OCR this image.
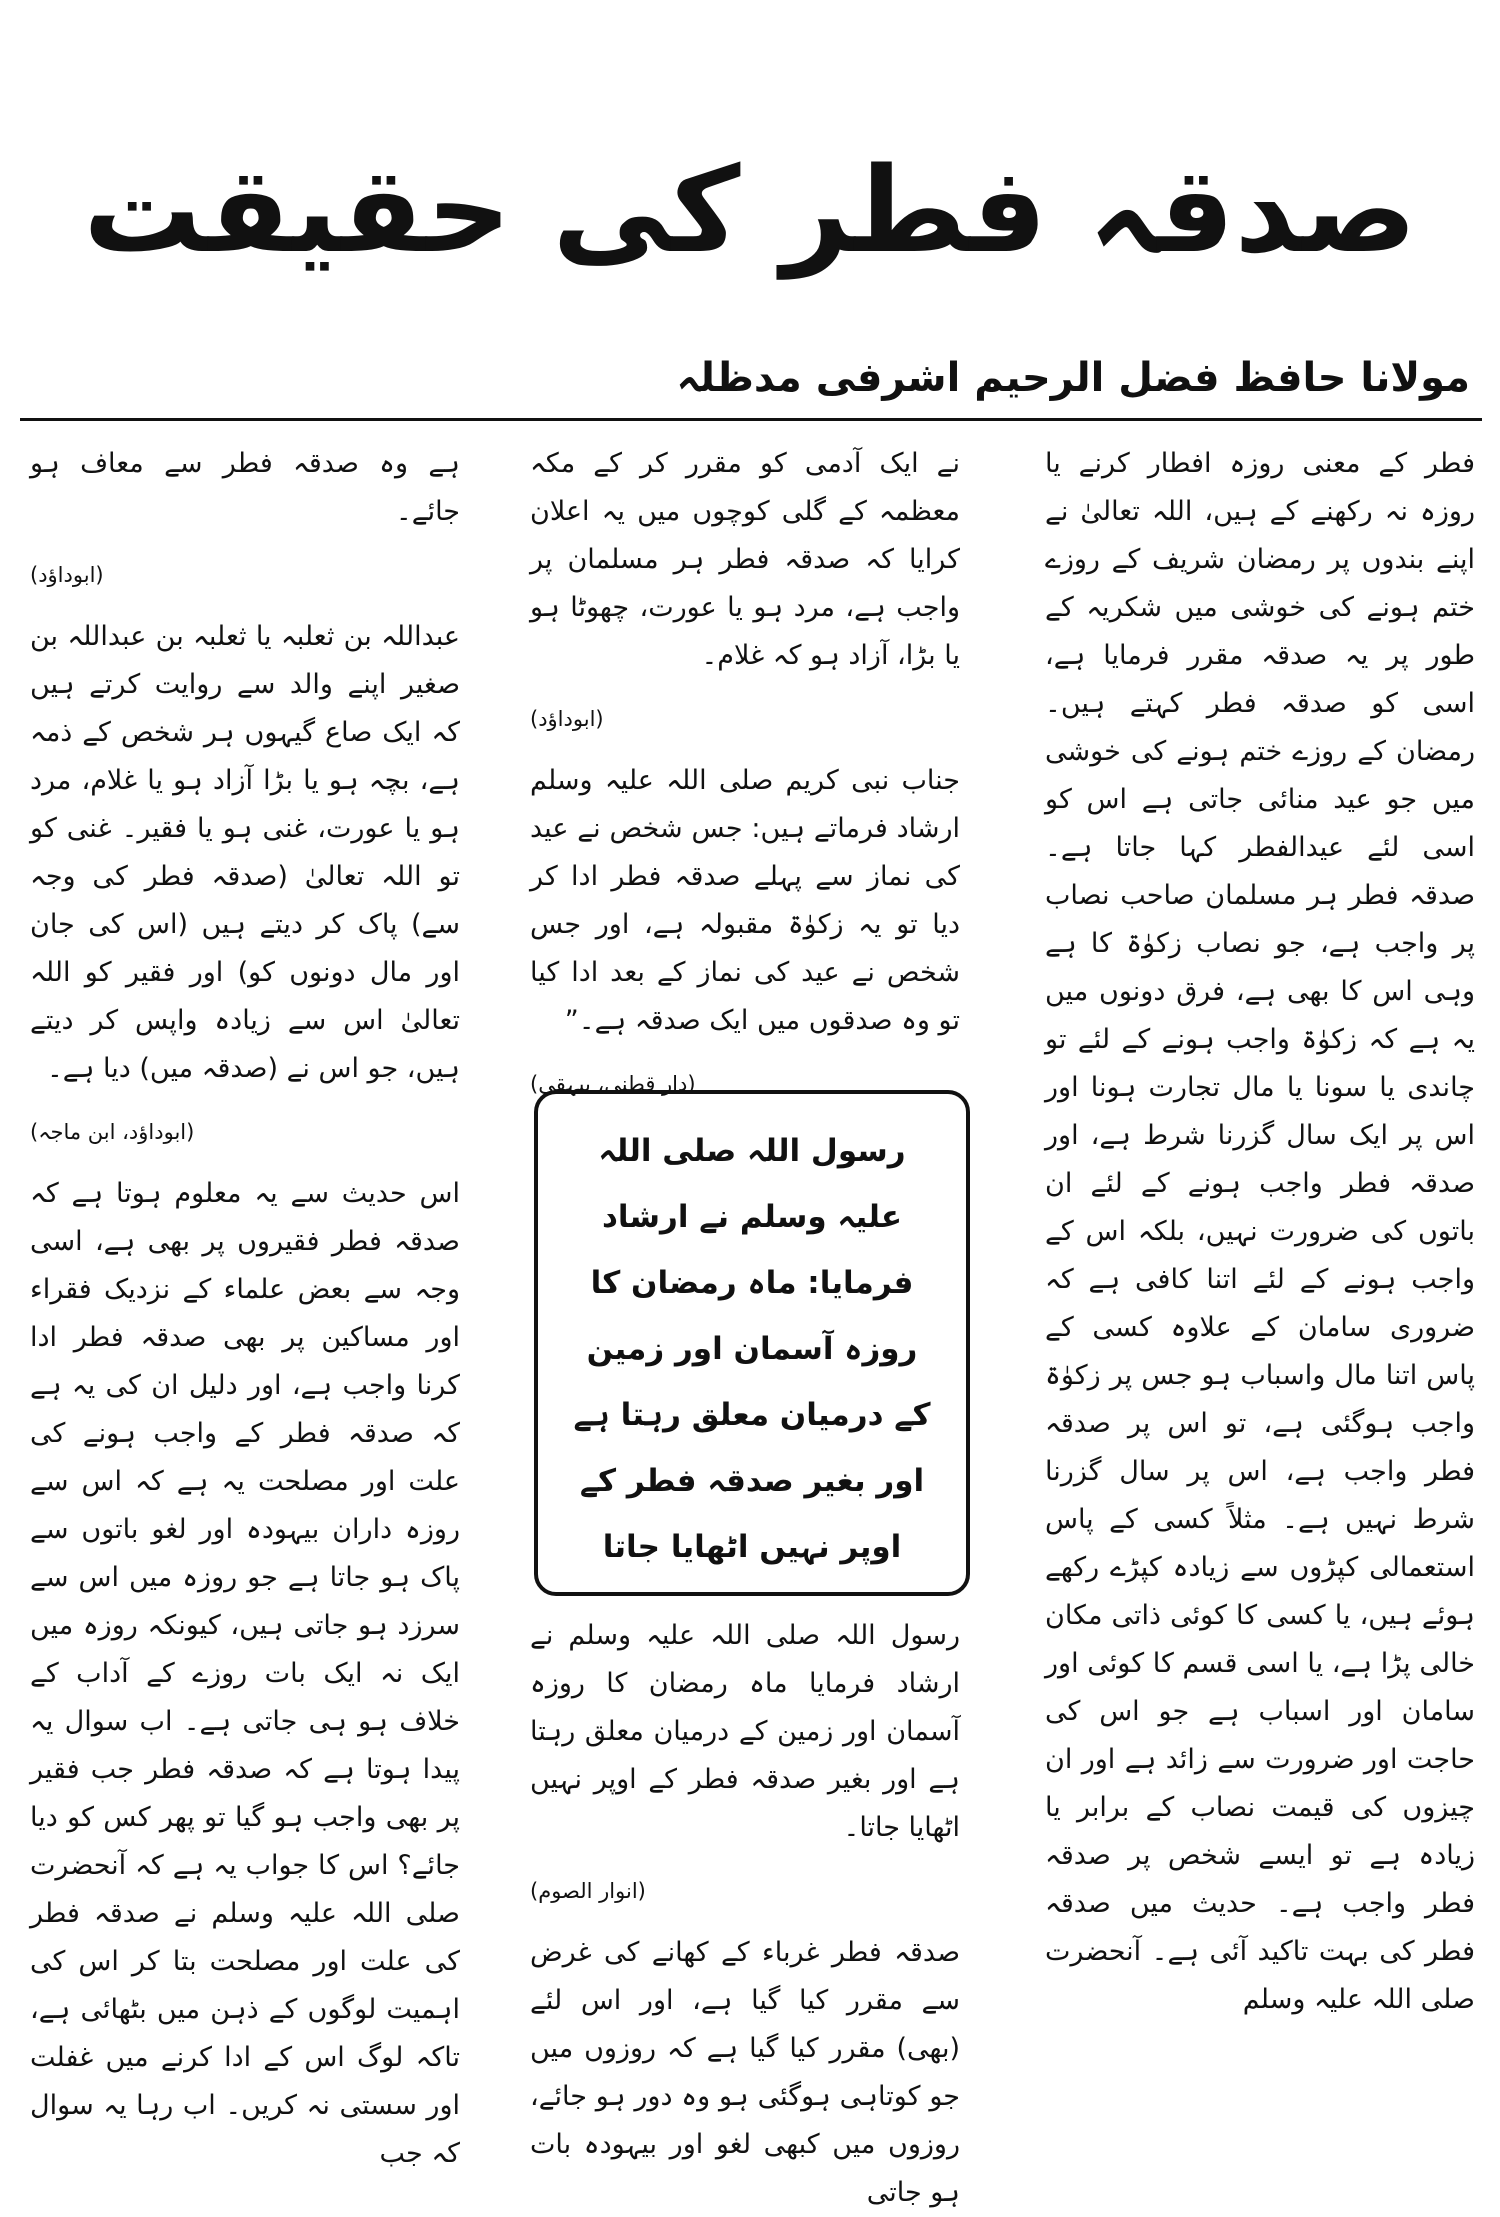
صدقہ فطر کی حقیقت
مولانا حافظ فضل الرحیم اشرفی مدظلہ

فطر کے معنی روزہ افطار کرنے یا روزہ نہ رکھنے کے ہیں، اللہ تعالیٰ نے اپنے بندوں پر رمضان شریف کے روزے ختم ہونے کی خوشی میں شکریہ کے طور پر یہ صدقہ مقرر فرمایا ہے، اسی کو صدقہ فطر کہتے ہیں۔ رمضان کے روزے ختم ہونے کی خوشی میں جو عید منائی جاتی ہے اس کو اسی لئے عیدالفطر کہا جاتا ہے۔ صدقہ فطر ہر مسلمان صاحب نصاب پر واجب ہے، جو نصاب زکوٰۃ کا ہے وہی اس کا بھی ہے، فرق دونوں میں یہ ہے کہ زکوٰۃ واجب ہونے کے لئے تو چاندی یا سونا یا مال تجارت ہونا اور اس پر ایک سال گزرنا شرط ہے، اور صدقہ فطر واجب ہونے کے لئے ان باتوں کی ضرورت نہیں، بلکہ اس کے واجب ہونے کے لئے اتنا کافی ہے کہ ضروری سامان کے علاوہ کسی کے پاس اتنا مال واسباب ہو جس پر زکوٰۃ واجب ہوگئی ہے، تو اس پر صدقہ فطر واجب ہے، اس پر سال گزرنا شرط نہیں ہے۔ مثلاً کسی کے پاس استعمالی کپڑوں سے زیادہ کپڑے رکھے ہوئے ہیں، یا کسی کا کوئی ذاتی مکان خالی پڑا ہے، یا اسی قسم کا کوئی اور سامان اور اسباب ہے جو اس کی حاجت اور ضرورت سے زائد ہے اور ان چیزوں کی قیمت نصاب کے برابر یا زیادہ ہے تو ایسے شخص پر صدقہ فطر واجب ہے۔ حدیث میں صدقہ فطر کی بہت تاکید آئی ہے۔ آنحضرت صلی اللہ علیہ وسلم

نے ایک آدمی کو مقرر کر کے مکہ معظمہ کے گلی کوچوں میں یہ اعلان کرایا کہ صدقہ فطر ہر مسلمان پر واجب ہے، مرد ہو یا عورت، چھوٹا ہو یا بڑا، آزاد ہو کہ غلام۔

(ابوداؤد)

جناب نبی کریم صلی اللہ علیہ وسلم ارشاد فرماتے ہیں: جس شخص نے عید کی نماز سے پہلے صدقہ فطر ادا کر دیا تو یہ زکوٰۃ مقبولہ ہے، اور جس شخص نے عید کی نماز کے بعد ادا کیا تو وہ صدقوں میں ایک صدقہ ہے۔”

(دار قطنی، بیہقی)

رسول اللہ صلی اللہ علیہ وسلم نے ارشاد فرمایا: ماہ رمضان کا روزہ آسمان اور زمین کے درمیان معلق رہتا ہے اور بغیر صدقہ فطر کے اوپر نہیں اٹھایا جاتا

رسول اللہ صلی اللہ علیہ وسلم نے ارشاد فرمایا ماہ رمضان کا روزہ آسمان اور زمین کے درمیان معلق رہتا ہے اور بغیر صدقہ فطر کے اوپر نہیں اٹھایا جاتا۔

(انوار الصوم)

صدقہ فطر غرباء کے کھانے کی غرض سے مقرر کیا گیا ہے، اور اس لئے (بھی) مقرر کیا گیا ہے کہ روزوں میں جو کوتاہی ہوگئی ہو وہ دور ہو جائے، روزوں میں کبھی لغو اور بیہودہ بات ہو جاتی

ہے وہ صدقہ فطر سے معاف ہو جائے۔

(ابوداؤد)

عبداللہ بن ثعلبہ یا ثعلبہ بن عبداللہ بن صغیر اپنے والد سے روایت کرتے ہیں کہ ایک صاع گیہوں ہر شخص کے ذمہ ہے، بچہ ہو یا بڑا آزاد ہو یا غلام، مرد ہو یا عورت، غنی ہو یا فقیر۔ غنی کو تو اللہ تعالیٰ (صدقہ فطر کی وجہ سے) پاک کر دیتے ہیں (اس کی جان اور مال دونوں کو) اور فقیر کو اللہ تعالیٰ اس سے زیادہ واپس کر دیتے ہیں، جو اس نے (صدقہ میں) دیا ہے۔

(ابوداؤد، ابن ماجہ)

اس حدیث سے یہ معلوم ہوتا ہے کہ صدقہ فطر فقیروں پر بھی ہے، اسی وجہ سے بعض علماء کے نزدیک فقراء اور مساکین پر بھی صدقہ فطر ادا کرنا واجب ہے، اور دلیل ان کی یہ ہے کہ صدقہ فطر کے واجب ہونے کی علت اور مصلحت یہ ہے کہ اس سے روزہ داران بیہودہ اور لغو باتوں سے پاک ہو جاتا ہے جو روزہ میں اس سے سرزد ہو جاتی ہیں، کیونکہ روزہ میں ایک نہ ایک بات روزے کے آداب کے خلاف ہو ہی جاتی ہے۔ اب سوال یہ پیدا ہوتا ہے کہ صدقہ فطر جب فقیر پر بھی واجب ہو گیا تو پھر کس کو دیا جائے؟ اس کا جواب یہ ہے کہ آنحضرت صلی اللہ علیہ وسلم نے صدقہ فطر کی علت اور مصلحت بتا کر اس کی اہمیت لوگوں کے ذہن میں بٹھائی ہے، تاکہ لوگ اس کے ادا کرنے میں غفلت اور سستی نہ کریں۔ اب رہا یہ سوال کہ جب
